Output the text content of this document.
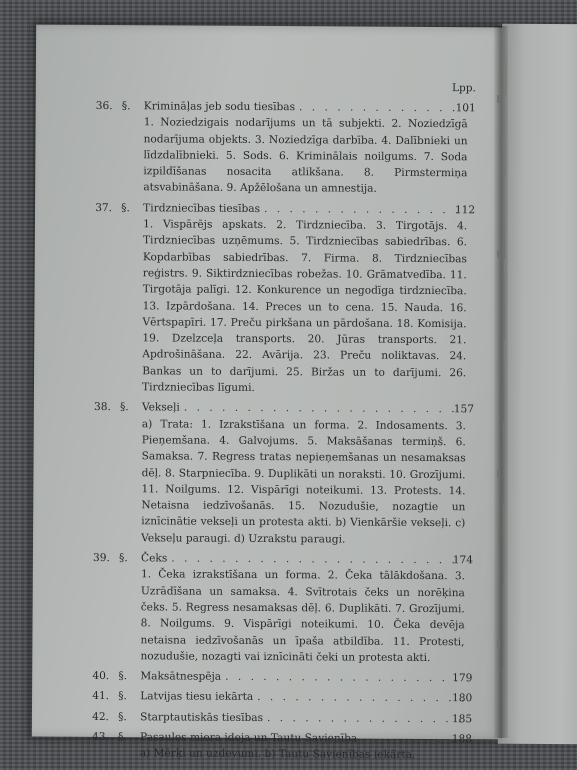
Lpp.
36. §.	Krimināļas jeb sodu tiesības . . .	101
1. Noziedzigais nodarījums un tā subjekti. 2. Noziedzīgā nodarījuma objekts. 3. Noziedzīga darbība. 4. Dalībnieki un līdzdalībnieki. 5. Sods. 6. Kriminālais noilgums. 7. Soda izpildīšanas nosacita atlikšana. 8. Pirmstermiņa atsvabināšana. 9. Apžēlošana un amnestija.
37. §.	Tirdzniecības tiesības . . .	112
1. Vispārējs apskats. 2. Tirdzniecība. 3. Tirgotājs. 4. Tirdzniecības uzņēmums. 5. Tirdzniecības sabiedrības. 6. Kopdarbības sabiedrības. 7. Firma. 8. Tirdzniecības reģistrs. 9. Siktirdzniecības robežas. 10. Grāmatvedība. 11. Tirgotāja palīgi. 12. Konkurence un negodīga tirdzniecība. 13. Izpārdošana. 14. Preces un to cena. 15. Nauda. 16. Vērtspapīri. 17. Preču pirkšana un pārdošana. 18. Komisija. 19. Dzelzceļa transports. 20. Jūras transports. 21. Apdrošināšana. 22. Avārija. 23. Preču noliktavas. 24. Bankas un to darījumi. 25. Biržas un to darījumi. 26. Tirdzniecības līgumi.
38. §.	Vekseļi . . .	157
a) Trata: 1. Izrakstīšana un forma. 2. Indosaments. 3. Pieņemšana. 4. Galvojums. 5. Maksāšanas termiņš. 6. Samaksa. 7. Regress tratas nepieņemšanas un nesamaksas dēļ. 8. Starpniecība. 9. Duplikāti un noraksti. 10. Grozījumi. 11. Noilgums. 12. Vispārīgi noteikumi. 13. Protests. 14. Netaisna iedzīvošanās. 15. Nozudušie, nozagtie un iznīcinātie vekseļi un protesta akti. b) Vienkāršie vekseļi. c) Vekseļu paraugi. d) Uzrakstu paraugi.
39. §.	Čeks . . .	174
1. Čeka izrakstīšana un forma. 2. Čeka tālākdošana. 3. Uzrādīšana un samaksa. 4. Svītrotais čeks un norēķina čeks. 5. Regress nesamaksas dēļ. 6. Duplikāti. 7. Grozījumi. 8. Noilgums. 9. Vispārīgi noteikumi. 10. Čeka devēja netaisna iedzīvošanās un īpaša atbildība. 11. Protesti, nozudušie, nozagti vai iznīcināti čeki un protesta akti.
40. §.	Maksātnespēja . . .	179
41. §.	Latvijas tiesu iekārta . . .	180
42. §.	Starptautiskās tiesības . . .	185
43. §.	Pasaules miera ideja un Tautu Savienība . . .	188
a) Mērķi un uzdevumi. b) Tautu Savienības iekārta.
